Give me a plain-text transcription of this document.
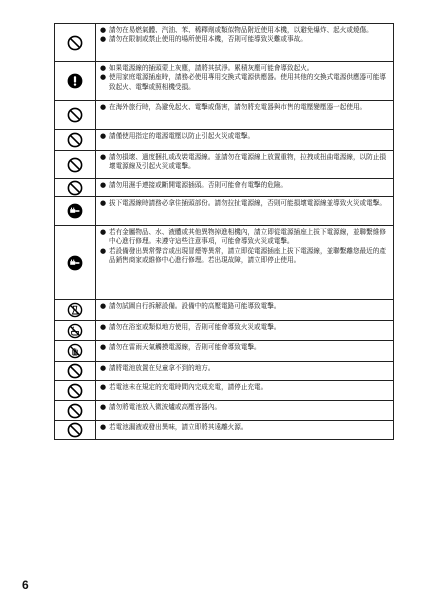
● 請勿在易燃氣體、汽油、苯、稀釋劑或類似物品附近使用本機，以避免爆炸、起火或燒傷。
● 請勿在限制或禁止使用的場所使用本機，否則可能導致災難或事故。
● 如果電源線的插頭蒙上灰塵，請將其拭淨。累積灰塵可能會導致起火。
● 使用家庭電源插座時，請務必使用專用交換式電源供應器。使用其他的交換式電源供應器可能導致起火、電擊或照相機受損。
● 在海外旅行時，為避免起火、電擊或傷害，請勿將充電器與市售的電壓變壓器一起使用。
● 請僅使用指定的電源電壓以防止引起火災或電擊。
● 請勿損壞、過度捆扎或改裝電源線。並請勿在電源線上放置重物，拉拽或扭曲電源線，以防止損壞電源線及引起火災或電擊。
● 請勿用濕手連接或斷開電源插頭。否則可能會有電擊的危險。
● 拔下電源線時請務必拿住插頭部份。請勿拉扯電源線，否則可能損壞電源線並導致火災或電擊。
● 若有金屬物品、水、液體或其他異物掉進相機內，請立即從電源插座上拔下電源線，並聯繫維修中心進行修理。未遵守這些注意事項，可能會導致火災或電擊。
● 若設備發出異常聲音或出現冒煙等異常，請立即從電源插座上拔下電源線，並聯繫離您最近的產品銷售商家或維修中心進行修理。若出現故障，請立即停止使用。
● 請勿試圖自行拆解設備。設備中的高壓電路可能導致電擊。
● 請勿在浴室或類似地方使用，否則可能會導致火災或電擊。
● 請勿在雷雨天氣觸摸電源線，否則可能會導致電擊。
● 請將電池放置在兒童拿不到的地方。
● 若電池未在規定的充電時間內完成充電，請停止充電。
● 請勿將電池放入微波爐或高壓容器內。
● 若電池漏液或發出異味，請立即將其遠離火源。
6
